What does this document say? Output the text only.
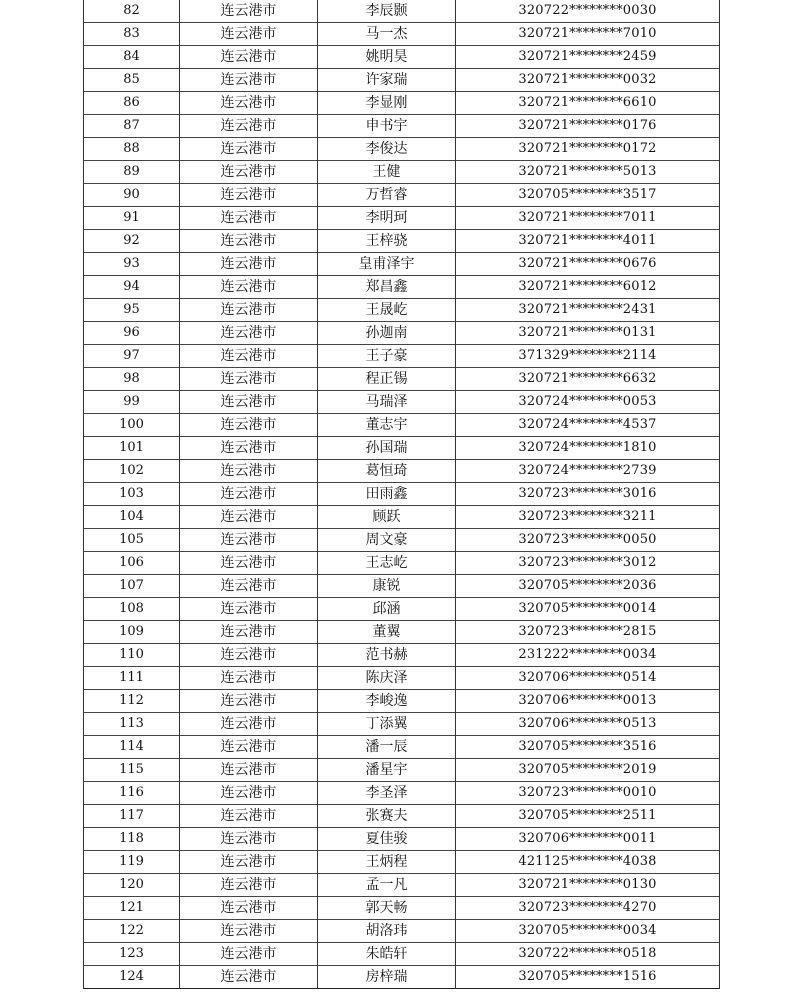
82	连云港市	李辰颢	320722********0030
83	连云港市	马一杰	320721********7010
84	连云港市	姚明昊	320721********2459
85	连云港市	许家瑞	320721********0032
86	连云港市	李显刚	320721********6610
87	连云港市	申书宇	320721********0176
88	连云港市	李俊达	320721********0172
89	连云港市	王健	320721********5013
90	连云港市	万哲睿	320705********3517
91	连云港市	李明珂	320721********7011
92	连云港市	王梓骁	320721********4011
93	连云港市	皇甫泽宇	320721********0676
94	连云港市	郑昌鑫	320721********6012
95	连云港市	王晟屹	320721********2431
96	连云港市	孙迦南	320721********0131
97	连云港市	王子豪	371329********2114
98	连云港市	程正锡	320721********6632
99	连云港市	马瑞泽	320724********0053
100	连云港市	董志宇	320724********4537
101	连云港市	孙国瑞	320724********1810
102	连云港市	葛恒琦	320724********2739
103	连云港市	田雨鑫	320723********3016
104	连云港市	顾跃	320723********3211
105	连云港市	周文豪	320723********0050
106	连云港市	王志屹	320723********3012
107	连云港市	康锐	320705********2036
108	连云港市	邱涵	320705********0014
109	连云港市	董翼	320723********2815
110	连云港市	范书赫	231222********0034
111	连云港市	陈庆泽	320706********0514
112	连云港市	李峻逸	320706********0013
113	连云港市	丁添翼	320706********0513
114	连云港市	潘一辰	320705********3516
115	连云港市	潘星宇	320705********2019
116	连云港市	李圣泽	320723********0010
117	连云港市	张赛夫	320705********2511
118	连云港市	夏佳骏	320706********0011
119	连云港市	王炳程	421125********4038
120	连云港市	孟一凡	320721********0130
121	连云港市	郭天畅	320723********4270
122	连云港市	胡洛玮	320705********0034
123	连云港市	朱皓轩	320722********0518
124	连云港市	房梓瑞	320705********1516
